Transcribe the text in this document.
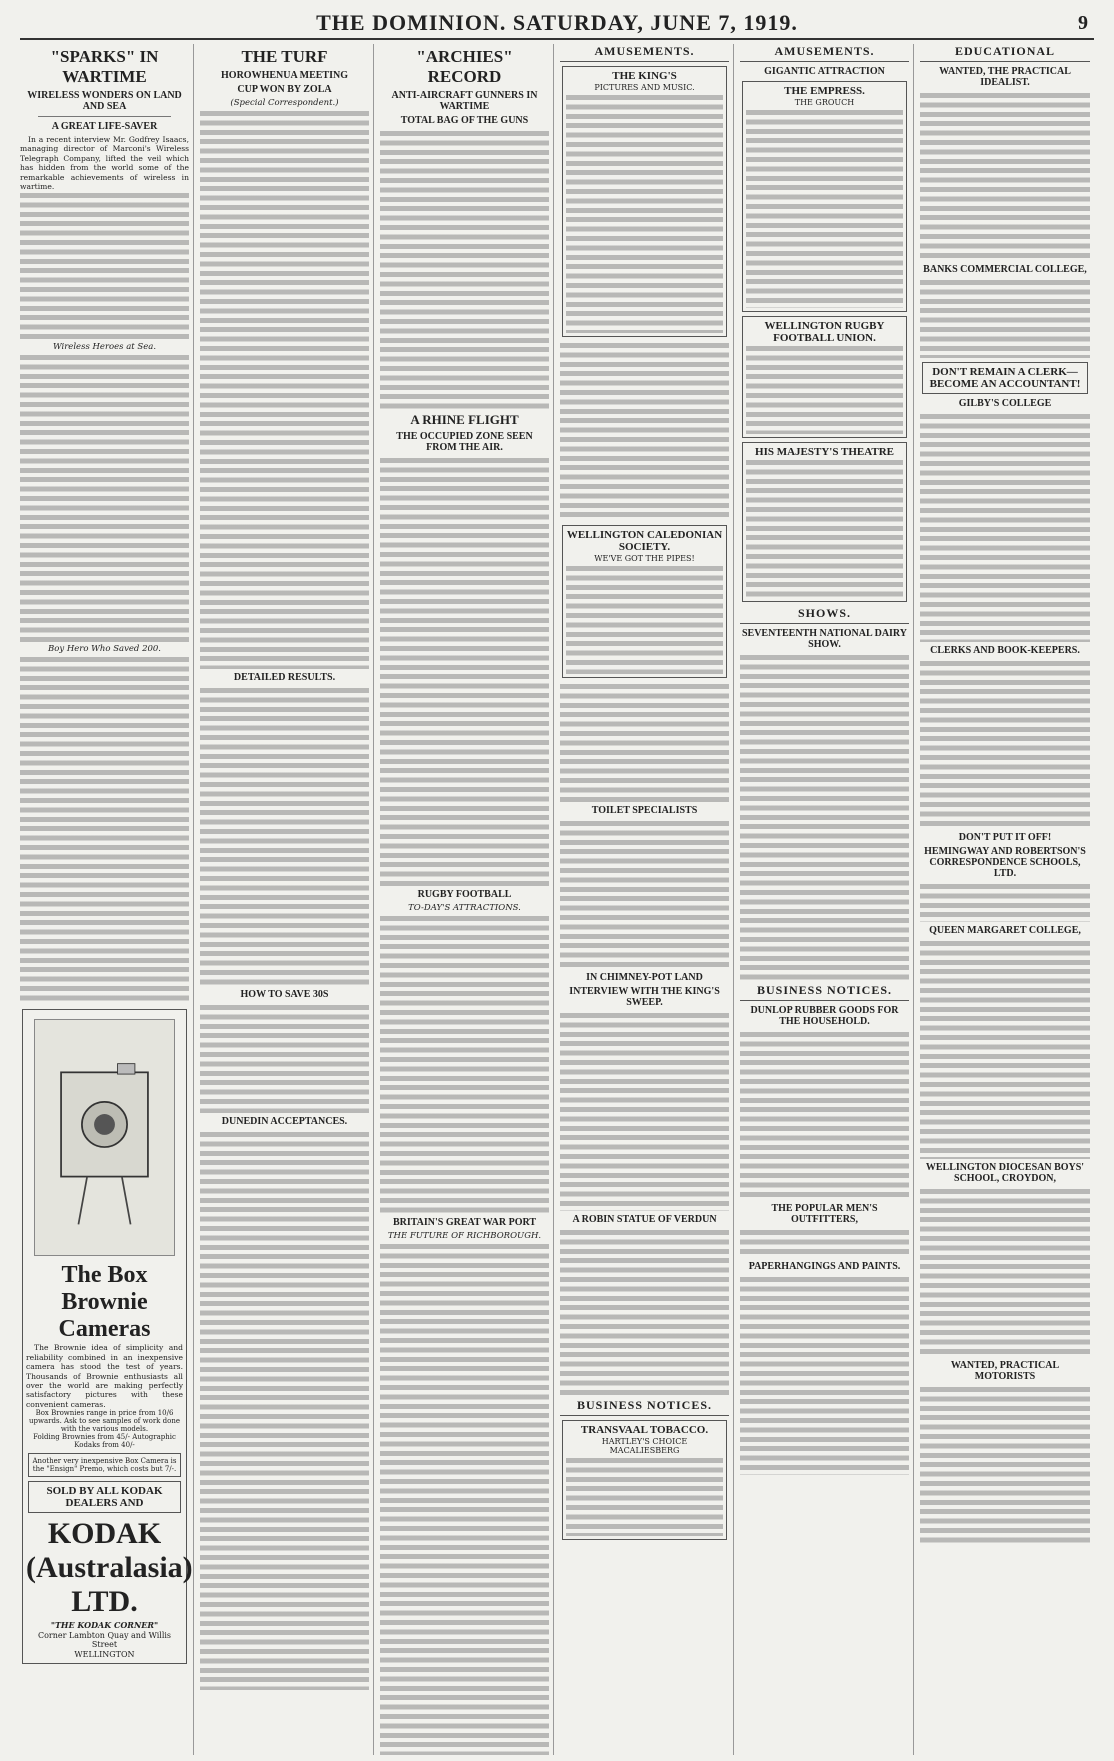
THE DOMINION. SATURDAY, JUNE 7, 1919.	9
"SPARKS" IN WARTIME
WIRELESS WONDERS ON LAND AND SEA
A GREAT LIFE-SAVER

In a recent interview Mr. Godfrey Isaacs, managing director of Marconi's Wireless Telegraph Company, lifted the veil which has hidden from the world some of the remarkable achievements of wireless in wartime.

Wireless Heroes at Sea.
Boy Hero Who Saved 200.
The Box Brownie Cameras

The Brownie idea of simplicity and reliability combined in an inexpensive camera has stood the test of years. Thousands of Brownie enthusiasts all over the world are making perfectly satisfactory pictures with these convenient cameras.

Box Brownies range in price from 10/6 upwards. Ask to see samples of work done with the various models.
Folding Brownies from 45/- Autographic Kodaks from 40/-
Another very inexpensive Box Camera is the "Ensign" Premo, which costs but 7/-.
SOLD BY ALL KODAK DEALERS AND
KODAK (Australasia) LTD.
"THE KODAK CORNER"
Corner Lambton Quay and Willis Street
WELLINGTON
THE TURF
HOROWHENUA MEETING
CUP WON BY ZOLA
(Special Correspondent.)
DETAILED RESULTS.
HOW TO SAVE 30S
DUNEDIN ACCEPTANCES.
"ARCHIES" RECORD
ANTI-AIRCRAFT GUNNERS IN WARTIME
TOTAL BAG OF THE GUNS
A RHINE FLIGHT
THE OCCUPIED ZONE SEEN FROM THE AIR.
RUGBY FOOTBALL
TO-DAY'S ATTRACTIONS.
BRITAIN'S GREAT WAR PORT
THE FUTURE OF RICHBOROUGH.
AMUSEMENTS.
THE KING'S
PICTURES AND MUSIC.
WELLINGTON CALEDONIAN SOCIETY.
WE'VE GOT THE PIPES!
TOILET SPECIALISTS
IN CHIMNEY-POT LAND
INTERVIEW WITH THE KING'S SWEEP.
A ROBIN STATUE OF VERDUN
BUSINESS NOTICES.
TRANSVAAL TOBACCO.
HARTLEY'S CHOICE MACALIESBERG
AMUSEMENTS.
GIGANTIC ATTRACTION
THE EMPRESS.
THE GROUCH
WELLINGTON RUGBY FOOTBALL UNION.
HIS MAJESTY'S THEATRE
SHOWS.
SEVENTEENTH NATIONAL DAIRY SHOW.
BUSINESS NOTICES.
DUNLOP RUBBER GOODS FOR THE HOUSEHOLD.
THE POPULAR MEN'S OUTFITTERS,
PAPERHANGINGS AND PAINTS.
EDUCATIONAL
WANTED, THE PRACTICAL IDEALIST.
BANKS COMMERCIAL COLLEGE,
DON'T REMAIN A CLERK— BECOME AN ACCOUNTANT!
GILBY'S COLLEGE
CLERKS AND BOOK-KEEPERS.
DON'T PUT IT OFF!
HEMINGWAY AND ROBERTSON'S CORRESPONDENCE SCHOOLS, LTD.
QUEEN MARGARET COLLEGE,
WELLINGTON DIOCESAN BOYS' SCHOOL, CROYDON,
WANTED, PRACTICAL MOTORISTS
